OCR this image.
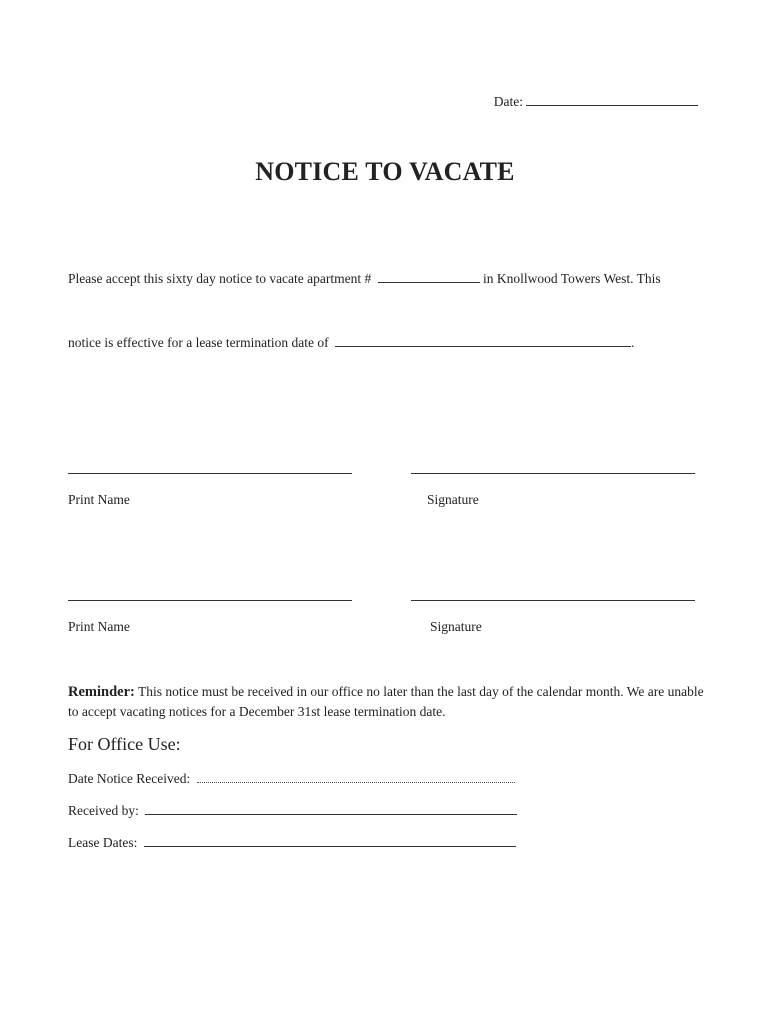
Date:
NOTICE TO VACATE
Please accept this sixty day notice to vacate apartment #	in Knollwood Towers West. This
notice is effective for a lease termination date of	.
Print Name	Signature
Print Name	Signature
Reminder: This notice must be received in our office no later than the last day of the calendar month. We are unable to accept vacating notices for a December 31st lease termination date.
For Office Use:
Date Notice Received:
Received by:
Lease Dates:
